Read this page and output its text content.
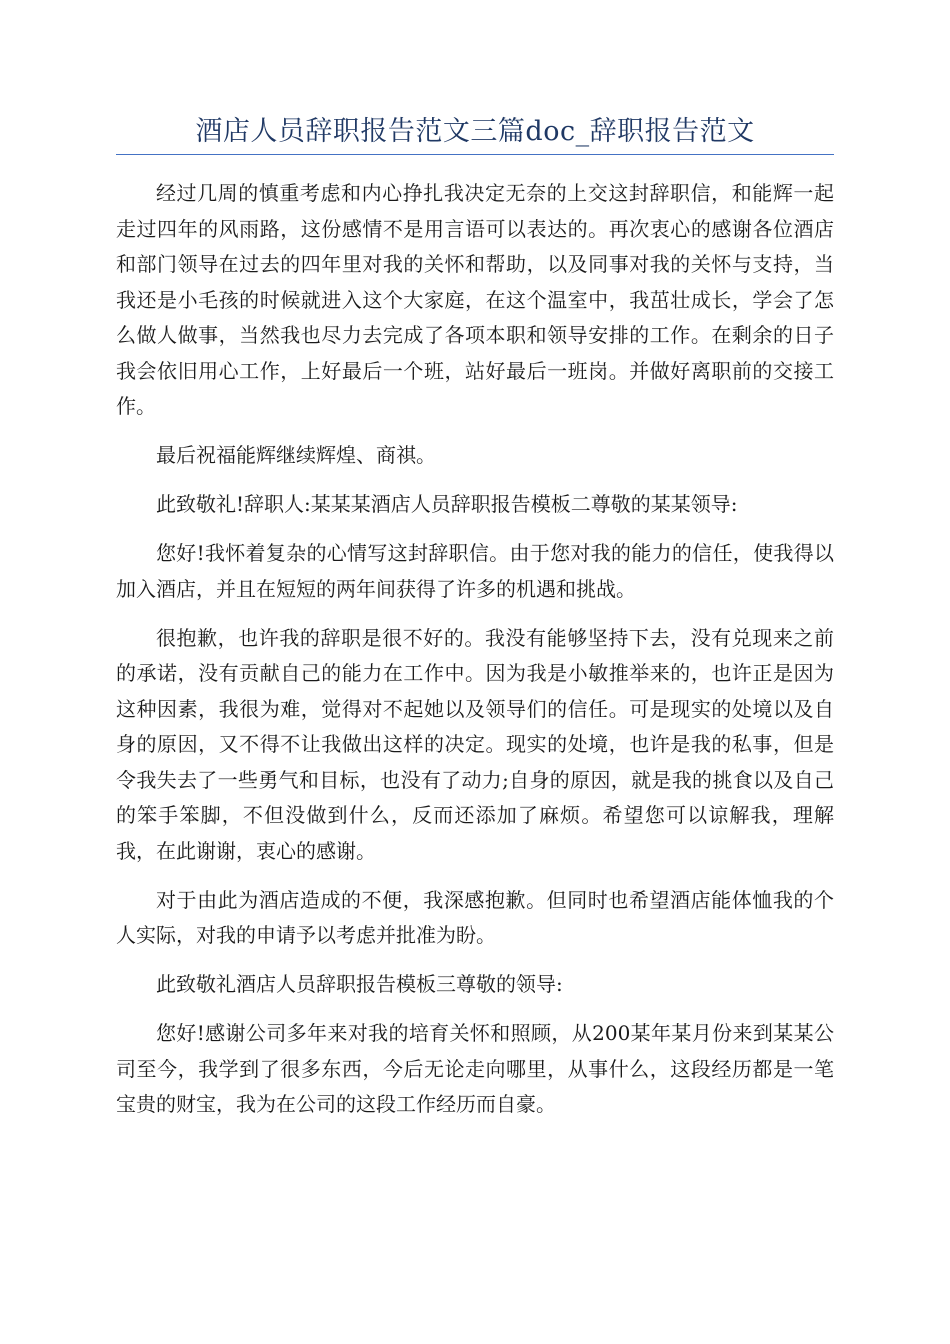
酒店人员辞职报告范文三篇doc_辞职报告范文

经过几周的慎重考虑和内心挣扎我决定无奈的上交这封辞职信，和能辉一起走过四年的风雨路，这份感情不是用言语可以表达的。再次衷心的感谢各位酒店和部门领导在过去的四年里对我的关怀和帮助，以及同事对我的关怀与支持，当我还是小毛孩的时候就进入这个大家庭，在这个温室中，我茁壮成长，学会了怎么做人做事，当然我也尽力去完成了各项本职和领导安排的工作。在剩余的日子我会依旧用心工作，上好最后一个班，站好最后一班岗。并做好离职前的交接工作。

最后祝福能辉继续辉煌、商祺。

此致敬礼!辞职人:某某某酒店人员辞职报告模板二尊敬的某某领导:

您好!我怀着复杂的心情写这封辞职信。由于您对我的能力的信任，使我得以加入酒店，并且在短短的两年间获得了许多的机遇和挑战。

很抱歉，也许我的辞职是很不好的。我没有能够坚持下去，没有兑现来之前的承诺，没有贡献自己的能力在工作中。因为我是小敏推举来的，也许正是因为这种因素，我很为难，觉得对不起她以及领导们的信任。可是现实的处境以及自身的原因，又不得不让我做出这样的决定。现实的处境，也许是我的私事，但是令我失去了一些勇气和目标，也没有了动力;自身的原因，就是我的挑食以及自己的笨手笨脚，不但没做到什么，反而还添加了麻烦。希望您可以谅解我，理解我，在此谢谢，衷心的感谢。

对于由此为酒店造成的不便，我深感抱歉。但同时也希望酒店能体恤我的个人实际，对我的申请予以考虑并批准为盼。

此致敬礼酒店人员辞职报告模板三尊敬的领导:

您好!感谢公司多年来对我的培育关怀和照顾，从200某年某月份来到某某公司至今，我学到了很多东西，今后无论走向哪里，从事什么，这段经历都是一笔宝贵的财宝，我为在公司的这段工作经历而自豪。
